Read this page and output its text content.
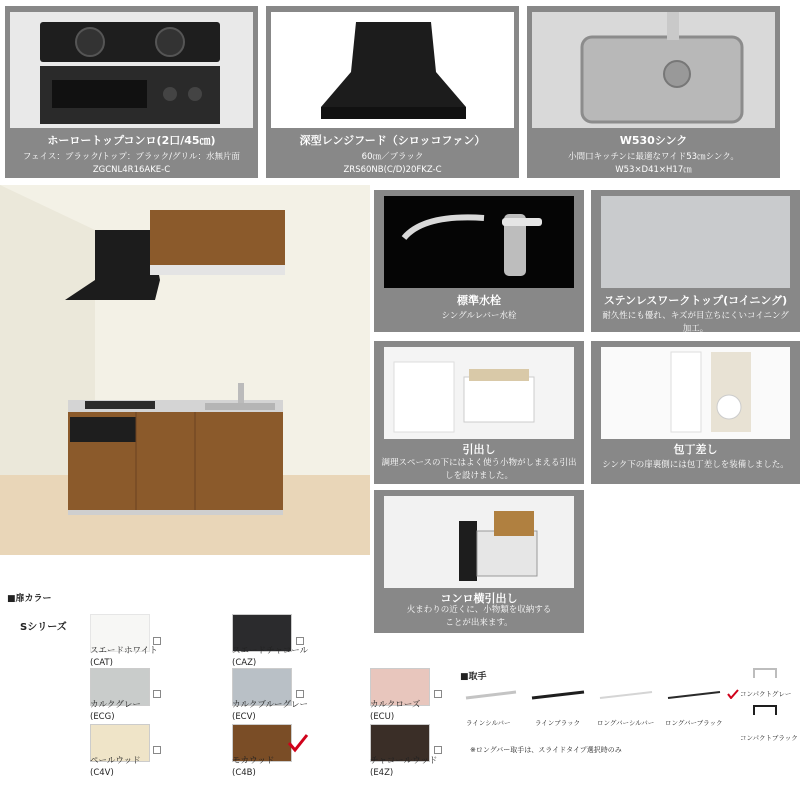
ホーロートップコンロ(2口/45㎝)
フェイス：ブラック/トップ：ブラック/グリル：水無片面
ZGCNL4R16AKE-C
深型レンジフード（シロッコファン）
60㎝／ブラック
ZRS60NB(C/D)20FKZ-C
W530シンク
小間口キッチンに最適なワイド53㎝シンク。
W53×D41×H17㎝
標準水栓
シングルレバー水栓
ステンレスワークトップ(コイニング)
耐久性にも優れ、キズが目立ちにくいコイニング加工。
引出し
調理スペースの下にはよく使う小物がしまえる引出しを設けました。
包丁差し
シンク下の扉裏側には包丁差しを装備しました。
コンロ横引出し
火まわりの近くに、小物類を収納することが出来ます。
■扉カラー
Sシリーズ
スエードホワイト
(CAT)
スエードチャコール
(CAZ)
カルクグレー
(ECG)
カルクブルーグレー
(ECV)
カルクローズ
(ECU)
ペールウッド
(C4V)
モカウッド
(C4B)
チャコールウッド
(E4Z)
■取手
ラインシルバー	ラインブラック	ロングバーシルバー ロングバーブラック
コンパクトグレー
コンパクトブラック
※ロングバー取手は、スライドタイプ選択時のみ
